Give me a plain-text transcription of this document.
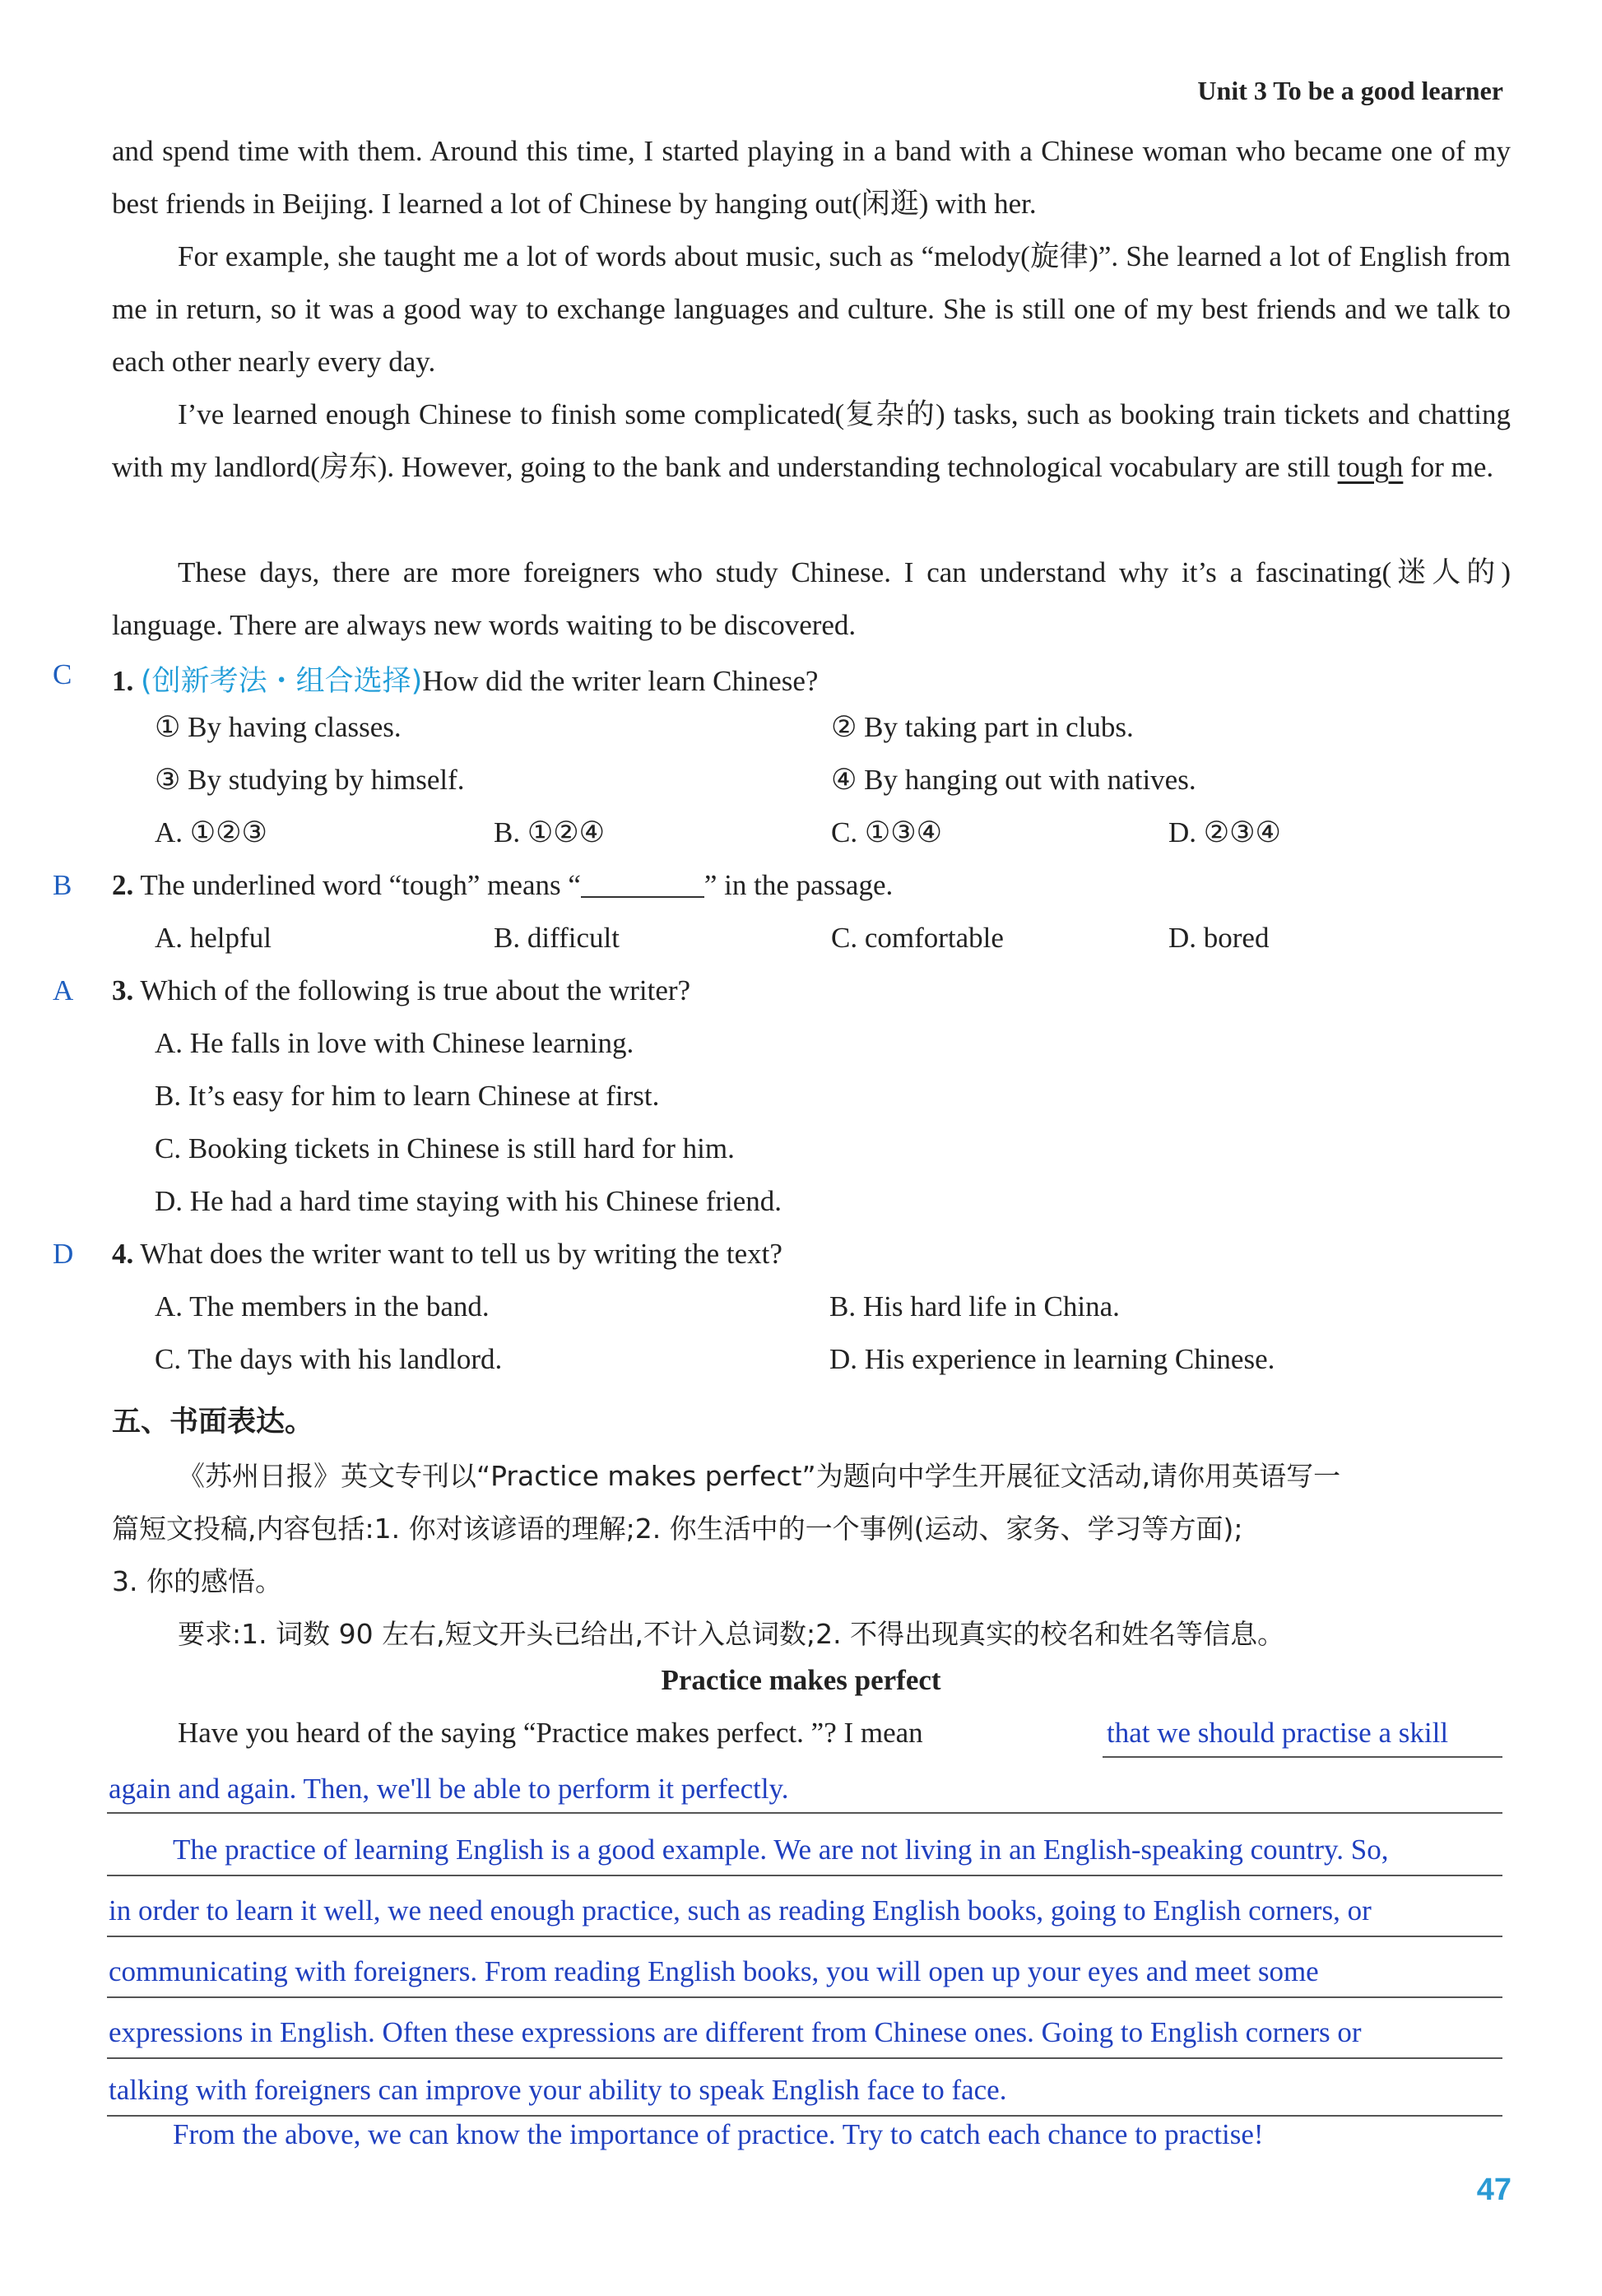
Unit 3 To be a good learner
and spend time with them. Around this time, I started playing in a band with a Chinese woman who became one of my best friends in Beijing. I learned a lot of Chinese by hanging out(闲逛) with her.
For example, she taught me a lot of words about music, such as “melody(旋律)”. She learned a lot of English from me in return, so it was a good way to exchange languages and culture. She is still one of my best friends and we talk to each other nearly every day.
I’ve learned enough Chinese to finish some complicated(复杂的) tasks, such as booking train tickets and chatting with my landlord(房东). However, going to the bank and understanding technological vocabulary are still tough for me.
These days, there are more foreigners who study Chinese. I can understand why it’s a fascinating(迷人的) language. There are always new words waiting to be discovered.
C 1. (创新考法・组合选择)How did the writer learn Chinese?
① By having classes.	② By taking part in clubs.
③ By studying by himself.	④ By hanging out with natives.
A. ①②③	B. ①②④	C. ①③④	D. ②③④
B 2. The underlined word “tough” means “	” in the passage.
A. helpful	B. difficult	C. comfortable	D. bored
A 3. Which of the following is true about the writer?
A. He falls in love with Chinese learning.
B. It’s easy for him to learn Chinese at first.
C. Booking tickets in Chinese is still hard for him.
D. He had a hard time staying with his Chinese friend.
D 4. What does the writer want to tell us by writing the text?
A. The members in the band.	B. His hard life in China.
C. The days with his landlord.	D. His experience in learning Chinese.
五、书面表达。
《苏州日报》英文专刊以“Practice makes perfect”为题向中学生开展征文活动,请你用英语写一
篇短文投稿,内容包括:1. 你对该谚语的理解;2. 你生活中的一个事例(运动、家务、学习等方面);
3. 你的感悟。
要求:1. 词数 90 左右,短文开头已给出,不计入总词数;2. 不得出现真实的校名和姓名等信息。
Practice makes perfect
Have you heard of the saying “Practice makes perfect. ”? I mean	that we should practise a skill
again and again. Then, we'll be able to perform it perfectly.
The practice of learning English is a good example. We are not living in an English-speaking country. So,
in order to learn it well, we need enough practice, such as reading English books, going to English corners, or
communicating with foreigners. From reading English books, you will open up your eyes and meet some
expressions in English. Often these expressions are different from Chinese ones. Going to English corners or
talking with foreigners can improve your ability to speak English face to face.
From the above, we can know the importance of practice. Try to catch each chance to practise!
47
